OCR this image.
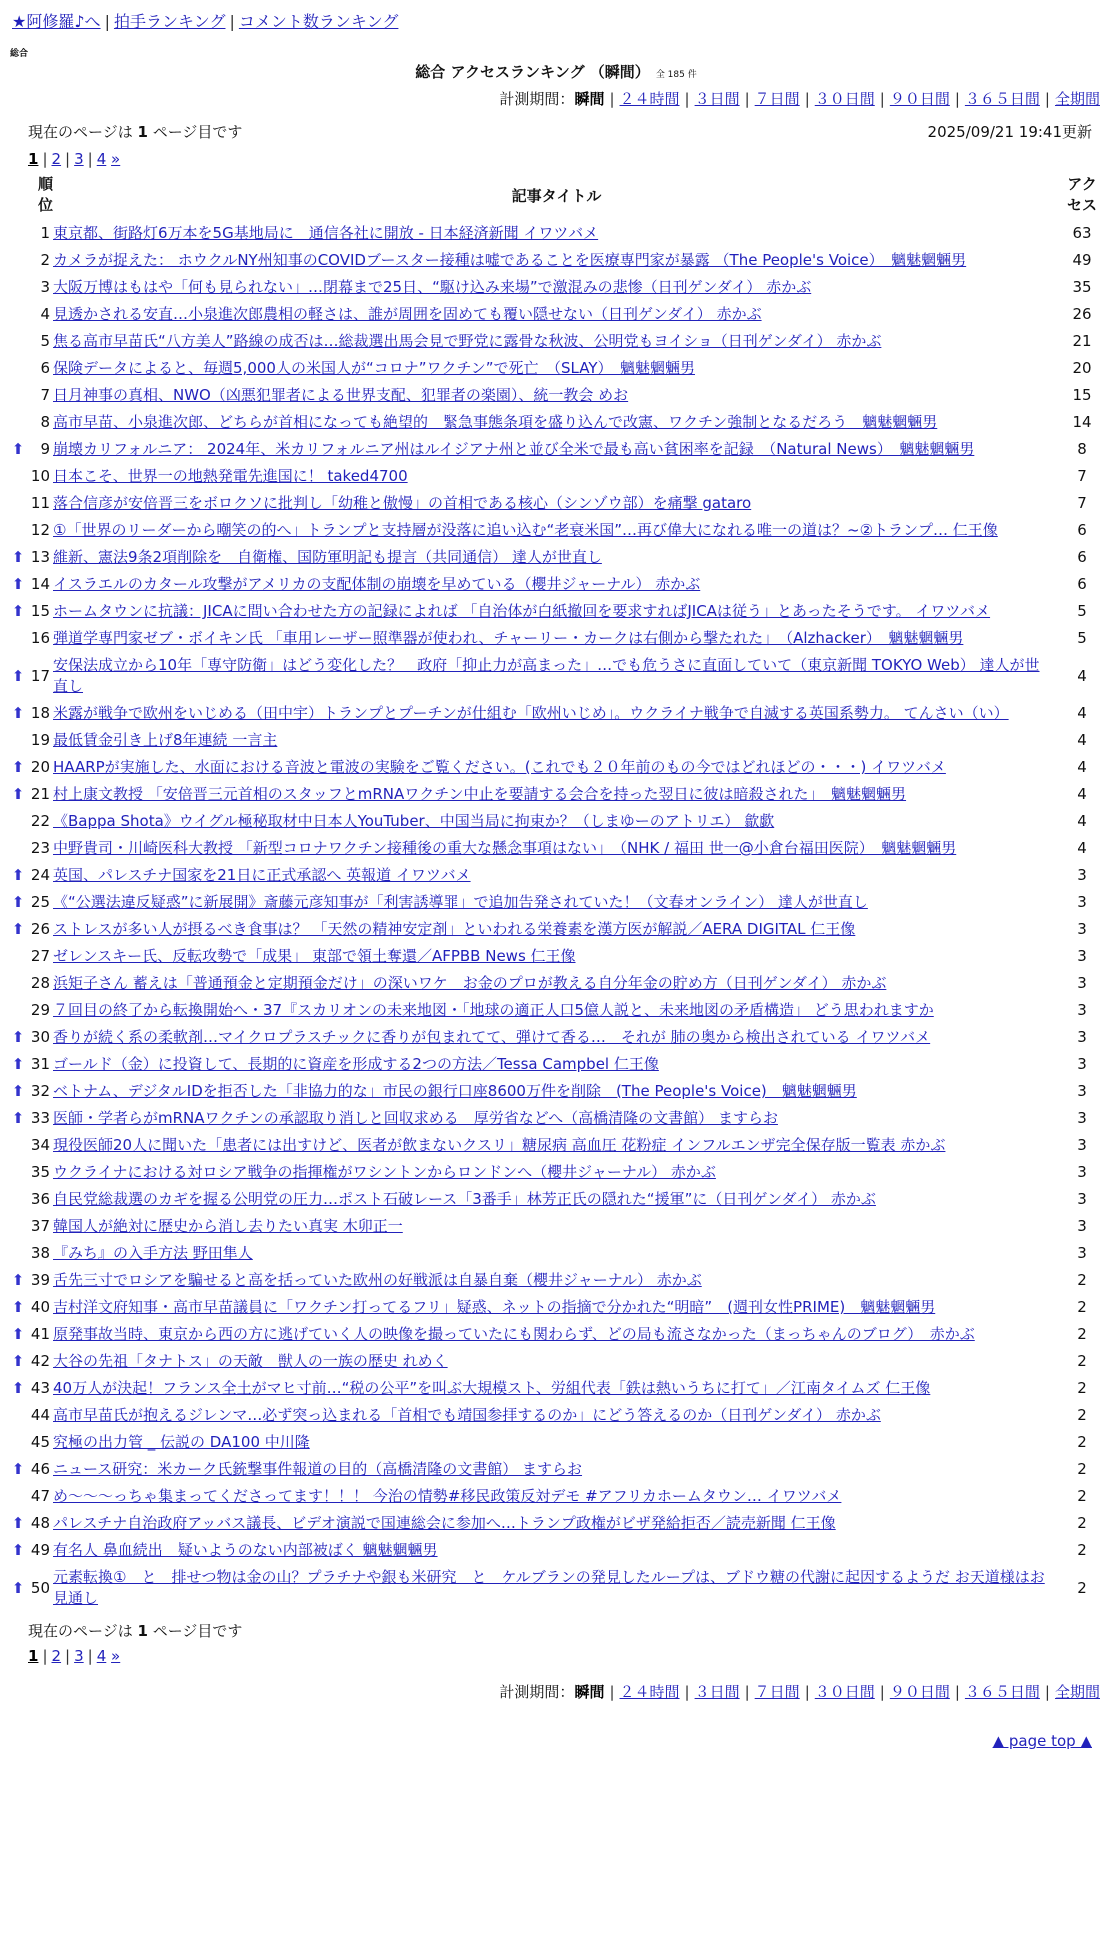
★阿修羅♪へ | 拍手ランキング | コメント数ランキング
総合
総合 アクセスランキング （瞬間） 全 185 件
計測期間：瞬間 | ２４時間 | ３日間 | ７日間 | ３０日間 | ９０日間 | ３６５日間 | 全期間
現在のページは 1 ページ目です	2025/09/21 19:41更新
1 | 2 | 3 | 4 »
	順位	記事タイトル	アクセス
	1	東京都、街路灯6万本を5G基地局に　通信各社に開放 - 日本経済新聞 イワツバメ	63
	2	カメラが捉えた： ホウクルNY州知事のCOVIDブースター接種は嘘であることを医療専門家が暴露 （The People's Voice）　魑魅魍魎男	49
	3	大阪万博はもはや「何も見られない」…閉幕まで25日、“駆け込み来場”で激混みの悲惨（日刊ゲンダイ） 赤かぶ	35
	4	見透かされる安直…小泉進次郎農相の軽さは、誰が周囲を固めても覆い隠せない（日刊ゲンダイ） 赤かぶ	26
	5	焦る高市早苗氏“八方美人”路線の成否は…総裁選出馬会見で野党に露骨な秋波、公明党もヨイショ（日刊ゲンダイ） 赤かぶ	21
	6	保険データによると、毎週5,000人の米国人が“コロナ”ワクチン”で死亡　（SLAY）　魑魅魍魎男	20
	7	日月神事の真相、NWO（凶悪犯罪者による世界支配、犯罪者の楽園）、統一教会 めお	15
	8	高市早苗、小泉進次郎、どちらが首相になっても絶望的　緊急事態条項を盛り込んで改憲、ワクチン強制となるだろう　魑魅魍魎男	14
⬆	9	崩壊カリフォルニア： 2024年、米カリフォルニア州はルイジアナ州と並び全米で最も高い貧困率を記録　（Natural News）　魑魅魍魎男	8
	10	日本こそ、世界一の地熱発電先進国に！ taked4700	7
	11	落合信彦が安倍晋三をボロクソに批判し「幼稚と傲慢」の首相である核心（シンゾウ部）を痛撃 gataro	7
	12	①「世界のリーダーから嘲笑の的へ」トランプと支持層が没落に追い込む“老衰米国”…再び偉大になれる唯一の道は？~②トランプ… 仁王像	6
⬆	13	維新、憲法9条2項削除を　自衛権、国防軍明記も提言（共同通信） 達人が世直し	6
⬆	14	イスラエルのカタール攻撃がアメリカの支配体制の崩壊を早めている（櫻井ジャーナル） 赤かぶ	6
⬆	15	ホームタウンに抗議：JICAに問い合わせた方の記録によれば 「自治体が白紙撤回を要求すればJICAは従う」とあったそうです。 イワツバメ	5
	16	弾道学専門家ゼブ・ボイキン氏 「車用レーザー照準器が使われ、チャーリー・カークは右側から撃たれた」　（Alzhacker）　魑魅魍魎男	5
⬆	17	安保法成立から10年「専守防衛」はどう変化した？　政府「抑止力が高まった」…でも危うさに直面していて（東京新聞 TOKYO Web） 達人が世直し	4
⬆	18	米露が戦争で欧州をいじめる（田中宇）トランプとプーチンが仕組む「欧州いじめ」。ウクライナ戦争で自滅する英国系勢力。 てんさい（い）	4
	19	最低賃金引き上げ8年連続 一言主	4
⬆	20	HAARPが実施した、水面における音波と電波の実験をご覧ください。(これでも２０年前のもの今ではどれほどの・・・) イワツバメ	4
⬆	21	村上康文教授 「安倍晋三元首相のスタッフとmRNAワクチン中止を要請する会合を持った翌日に彼は暗殺された」　魑魅魍魎男	4
	22	《Bappa Shota》ウイグル極秘取材中日本人YouTuber、中国当局に拘束か？（しまゆーのアトリエ） 歙歔	4
	23	中野貴司・川崎医科大教授 「新型コロナワクチン接種後の重大な懸念事項はない」　（NHK / 福田 世一@小倉台福田医院）　魑魅魍魎男	4
⬆	24	英国、パレスチナ国家を21日に正式承認へ 英報道 イワツバメ	3
⬆	25	《“公選法違反疑惑”に新展開》斎藤元彦知事が「利害誘導罪」で追加告発されていた！（文春オンライン） 達人が世直し	3
⬆	26	ストレスが多い人が摂るべき食事は？ 「天然の精神安定剤」といわれる栄養素を漢方医が解説／AERA DIGITAL 仁王像	3
	27	ゼレンスキー氏、反転攻勢で「成果」 東部で領土奪還／AFPBB News 仁王像	3
	28	浜矩子さん 蓄えは「普通預金と定期預金だけ」の深いワケ　お金のプロが教える自分年金の貯め方（日刊ゲンダイ） 赤かぶ	3
	29	７回目の終了から転換開始へ・37『スカリオンの未来地図・「地球の適正人口5億人説と、未来地図の矛盾構造」 どう思われますか	3
⬆	30	香りが続く系の柔軟剤…マイクロプラスチックに香りが包まれてて、弾けて香る…　それが 肺の奥から検出されている イワツバメ	3
⬆	31	ゴールド（金）に投資して、長期的に資産を形成する2つの方法／Tessa Campbel 仁王像	3
⬆	32	ベトナム、デジタルIDを拒否した「非協力的な」市民の銀行口座8600万件を削除　(The People's Voice)　魑魅魍魎男	3
⬆	33	医師・学者らがmRNAワクチンの承認取り消しと回収求める　厚労省などへ（高橋清隆の文書館） ますらお	3
	34	現役医師20人に聞いた「患者には出すけど、医者が飲まないクスリ」糖尿病 高血圧 花粉症 インフルエンザ完全保存版一覧表 赤かぶ	3
	35	ウクライナにおける対ロシア戦争の指揮権がワシントンからロンドンへ（櫻井ジャーナル） 赤かぶ	3
	36	自民党総裁選のカギを握る公明党の圧力…ポスト石破レース「3番手」林芳正氏の隠れた“援軍”に（日刊ゲンダイ） 赤かぶ	3
	37	韓国人が絶対に歴史から消し去りたい真実 木卯正一	3
	38	『みち』の入手方法 野田隼人	3
⬆	39	舌先三寸でロシアを騙せると高を括っていた欧州の好戦派は自暴自棄（櫻井ジャーナル） 赤かぶ	2
⬆	40	吉村洋文府知事・高市早苗議員に「ワクチン打ってるフリ」疑惑、ネットの指摘で分かれた“明暗”　(週刊女性PRIME)　魑魅魍魎男	2
⬆	41	原発事故当時、東京から西の方に逃げていく人の映像を撮っていたにも関わらず、どの局も流さなかった（まっちゃんのブログ）　赤かぶ	2
⬆	42	大谷の先祖「タナトス」の天敵　獣人の一族の歴史 れめく	2
⬆	43	40万人が決起！フランス全土がマヒ寸前…“税の公平”を叫ぶ大規模スト、労組代表「鉄は熱いうちに打て」／江南タイムズ 仁王像	2
	44	高市早苗氏が抱えるジレンマ…必ず突っ込まれる「首相でも靖国参拝するのか」にどう答えるのか（日刊ゲンダイ） 赤かぶ	2
	45	究極の出力管 _ 伝説の DA100 中川隆	2
⬆	46	ニュース研究：米カーク氏銃撃事件報道の目的（高橋清隆の文書館） ますらお	2
	47	め〜〜〜っちゃ集まってくださってます！！！ 今治の情勢#移民政策反対デモ #アフリカホームタウン… イワツバメ	2
⬆	48	パレスチナ自治政府アッバス議長、ビデオ演説で国連総会に参加へ…トランプ政権がビザ発給拒否／読売新聞 仁王像	2
⬆	49	有名人 鼻血続出　疑いようのない内部被ばく 魑魅魍魎男	2
⬆	50	元素転換①　と　排せつ物は金の山？プラチナや銀も米研究　と　ケルブランの発見したループは、ブドウ糖の代謝に起因するようだ お天道様はお見通し	2
現在のページは 1 ページ目です
1 | 2 | 3 | 4 »
計測期間：瞬間 | ２４時間 | ３日間 | ７日間 | ３０日間 | ９０日間 | ３６５日間 | 全期間
▲ page top ▲
